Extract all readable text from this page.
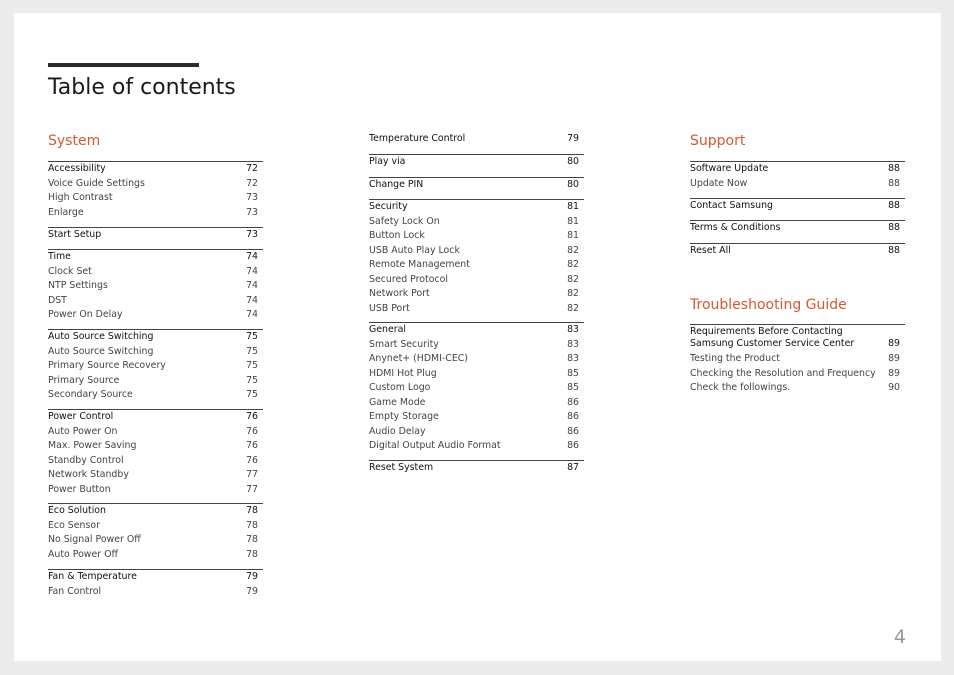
Table of contents
System
Accessibility	72
Voice Guide Settings	72
High Contrast	73
Enlarge	73
Start Setup	73
Time	74
Clock Set	74
NTP Settings	74
DST	74
Power On Delay	74
Auto Source Switching	75
Auto Source Switching	75
Primary Source Recovery	75
Primary Source	75
Secondary Source	75
Power Control	76
Auto Power On	76
Max. Power Saving	76
Standby Control	76
Network Standby	77
Power Button	77
Eco Solution	78
Eco Sensor	78
No Signal Power Off	78
Auto Power Off	78
Fan & Temperature	79
Fan Control	79
Temperature Control	79
Play via	80
Change PIN	80
Security	81
Safety Lock On	81
Button Lock	81
USB Auto Play Lock	82
Remote Management	82
Secured Protocol	82
Network Port	82
USB Port	82
General	83
Smart Security	83
Anynet+ (HDMI-CEC)	83
HDMI Hot Plug	85
Custom Logo	85
Game Mode	86
Empty Storage	86
Audio Delay	86
Digital Output Audio Format	86
Reset System	87
Support
Software Update	88
Update Now	88
Contact Samsung	88
Terms & Conditions	88
Reset All	88
Troubleshooting Guide
Requirements Before Contacting Samsung Customer Service Center	89
Testing the Product	89
Checking the Resolution and Frequency 89
Check the followings.	90
4
